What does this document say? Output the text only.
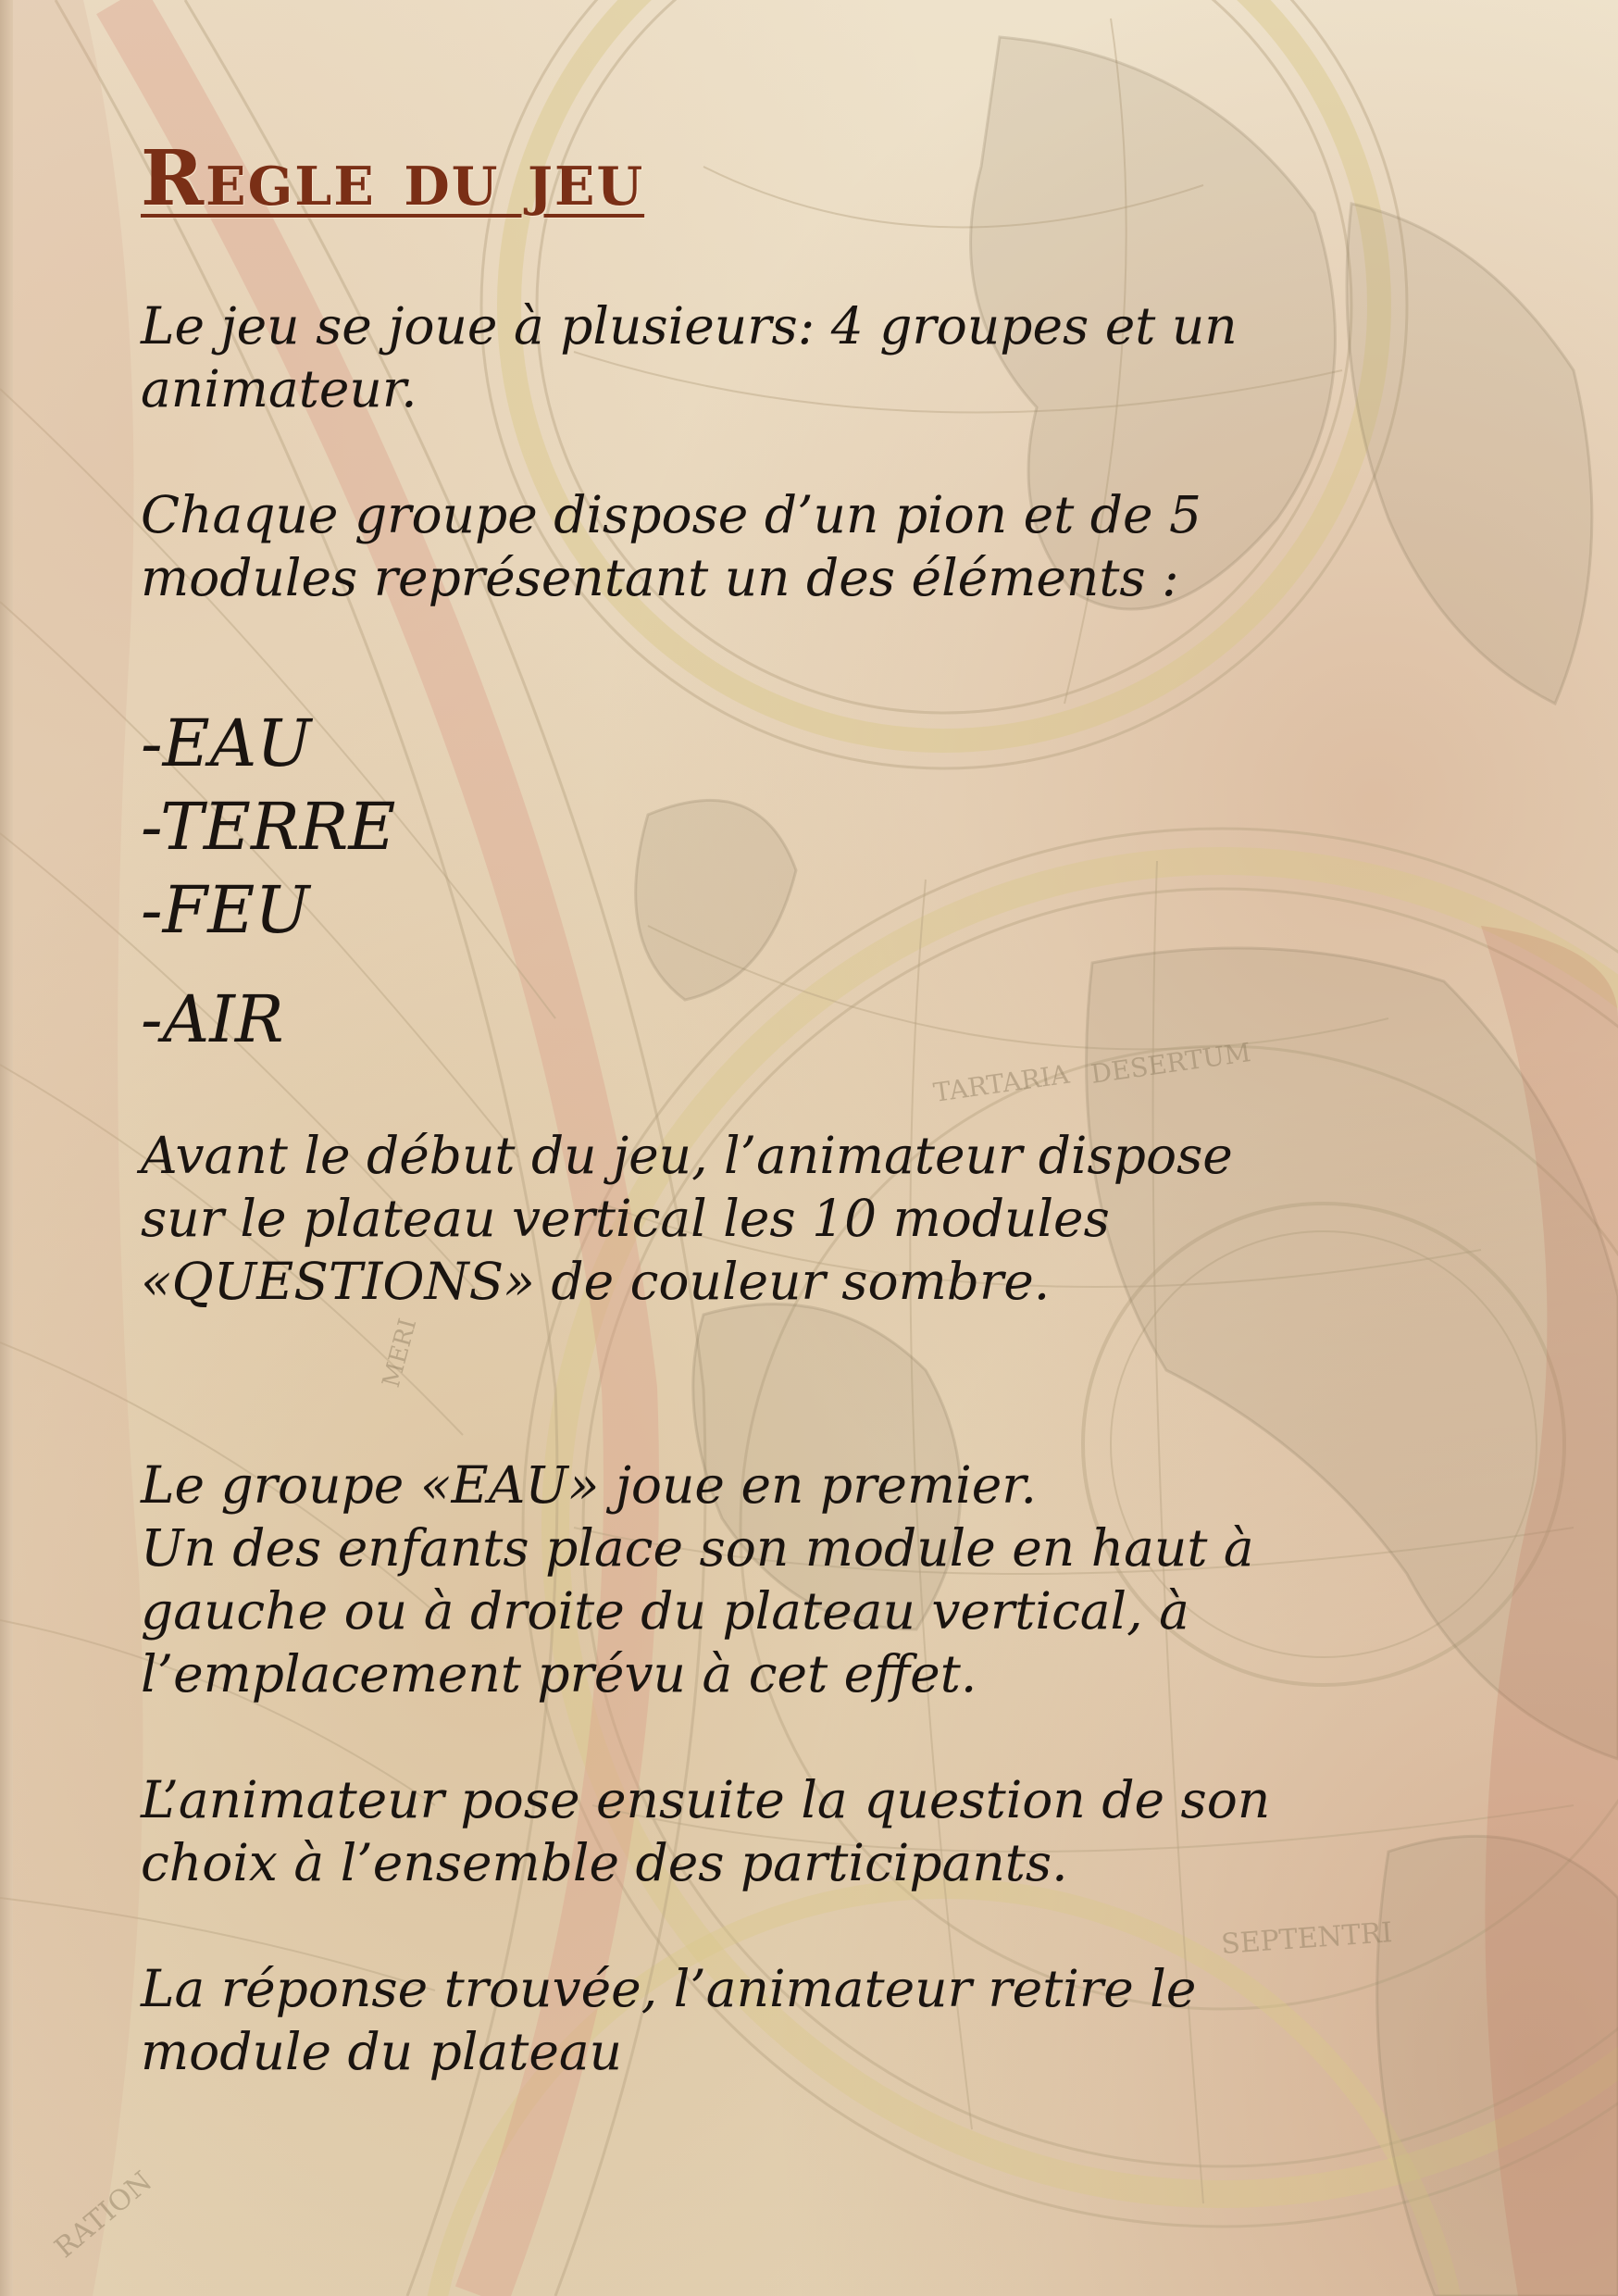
TARTARIA DESERTUM
SEPTENTRI
RATION
MERI
Regle du jeu

Le jeu se joue à plusieurs: 4 groupes et un
animateur.

Chaque groupe dispose d’un pion et de 5
modules représentant un des éléments :

-EAU
-TERRE
-FEU
-AIR

Avant le début du jeu, l’animateur dispose
sur le plateau vertical les 10 modules
«QUESTIONS» de couleur sombre.

Le groupe «EAU» joue en premier.
Un des enfants place son module en haut à
gauche ou à droite du plateau vertical, à
l’emplacement prévu à cet effet.

L’animateur pose ensuite la question de son
choix à l’ensemble des participants.

La réponse trouvée, l’animateur retire le
module du plateau
